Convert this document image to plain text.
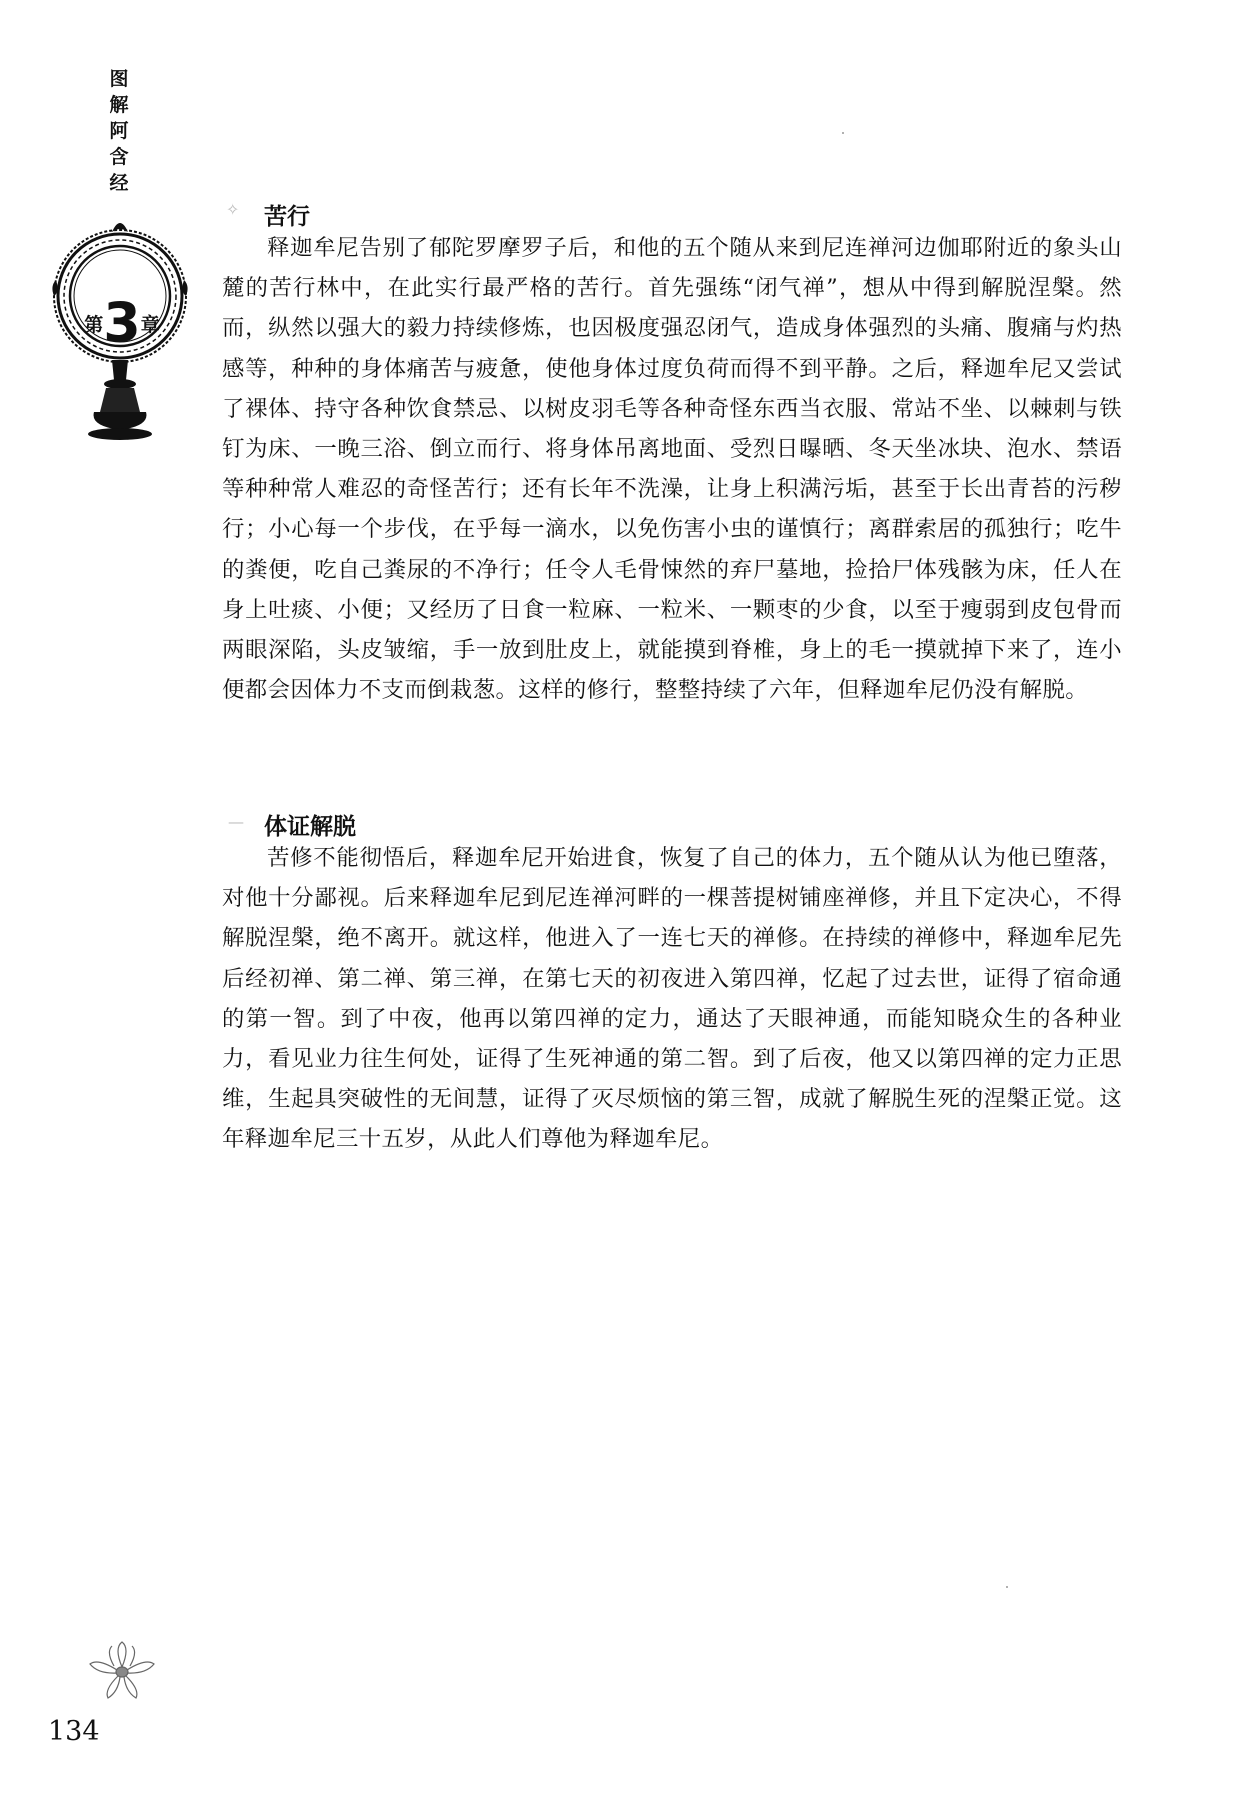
图解阿含经
第3章
✧ 苦行

释迦牟尼告别了郁陀罗摩罗子后，和他的五个随从来到尼连禅河边伽耶附近的象头山麓的苦行林中，在此实行最严格的苦行。首先强练“闭气禅”，想从中得到解脱涅槃。然而，纵然以强大的毅力持续修炼，也因极度强忍闭气，造成身体强烈的头痛、腹痛与灼热感等，种种的身体痛苦与疲惫，使他身体过度负荷而得不到平静。之后，释迦牟尼又尝试了裸体、持守各种饮食禁忌、以树皮羽毛等各种奇怪东西当衣服、常站不坐、以棘刺与铁钉为床、一晚三浴、倒立而行、将身体吊离地面、受烈日曝晒、冬天坐冰块、泡水、禁语等种种常人难忍的奇怪苦行；还有长年不洗澡，让身上积满污垢，甚至于长出青苔的污秽行；小心每一个步伐，在乎每一滴水，以免伤害小虫的谨慎行；离群索居的孤独行；吃牛的粪便，吃自己粪尿的不净行；任令人毛骨悚然的弃尸墓地，捡拾尸体残骸为床，任人在身上吐痰、小便；又经历了日食一粒麻、一粒米、一颗枣的少食，以至于瘦弱到皮包骨而两眼深陷，头皮皱缩，手一放到肚皮上，就能摸到脊椎，身上的毛一摸就掉下来了，连小便都会因体力不支而倒栽葱。这样的修行，整整持续了六年，但释迦牟尼仍没有解脱。

— 体证解脱

苦修不能彻悟后，释迦牟尼开始进食，恢复了自己的体力，五个随从认为他已堕落，对他十分鄙视。后来释迦牟尼到尼连禅河畔的一棵菩提树铺座禅修，并且下定决心，不得解脱涅槃，绝不离开。就这样，他进入了一连七天的禅修。在持续的禅修中，释迦牟尼先后经初禅、第二禅、第三禅，在第七天的初夜进入第四禅，忆起了过去世，证得了宿命通的第一智。到了中夜，他再以第四禅的定力，通达了天眼神通，而能知晓众生的各种业力，看见业力往生何处，证得了生死神通的第二智。到了后夜，他又以第四禅的定力正思维，生起具突破性的无间慧，证得了灭尽烦恼的第三智，成就了解脱生死的涅槃正觉。这年释迦牟尼三十五岁，从此人们尊他为释迦牟尼。

134
